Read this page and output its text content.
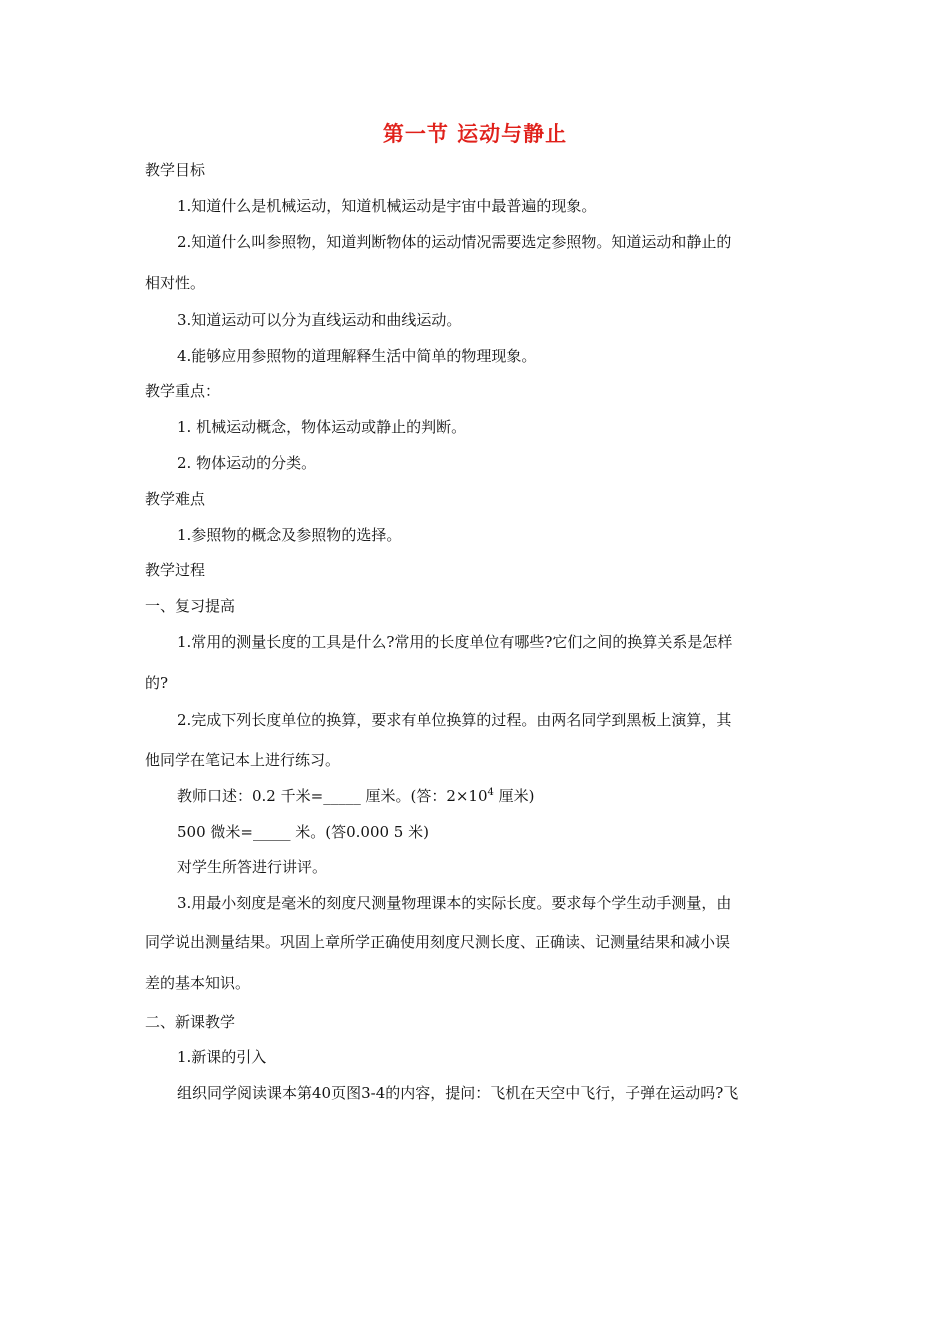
第一节 运动与静止
教学目标
1.知道什么是机械运动，知道机械运动是宇宙中最普遍的现象。
2.知道什么叫参照物，知道判断物体的运动情况需要选定参照物。知道运动和静止的
相对性。
3.知道运动可以分为直线运动和曲线运动。
4.能够应用参照物的道理解释生活中简单的物理现象。
教学重点：
1. 机械运动概念，物体运动或静止的判断。
2. 物体运动的分类。
教学难点
1.参照物的概念及参照物的选择。
教学过程
一、复习提高
1.常用的测量长度的工具是什么?常用的长度单位有哪些?它们之间的换算关系是怎样
的?
2.完成下列长度单位的换算，要求有单位换算的过程。由两名同学到黑板上演算，其
他同学在笔记本上进行练习。
教师口述：0.2 千米=_____ 厘米。(答：$2\times 10^4$ 厘米)
500 微米=_____ 米。(答0.000 5 米)
对学生所答进行讲评。
3.用最小刻度是毫米的刻度尺测量物理课本的实际长度。要求每个学生动手测量，由
同学说出测量结果。巩固上章所学正确使用刻度尺测长度、正确读、记测量结果和减小误
差的基本知识。
二、新课教学
1.新课的引入
组织同学阅读课本第40页图3-4的内容，提问：飞机在天空中飞行，子弹在运动吗?飞
